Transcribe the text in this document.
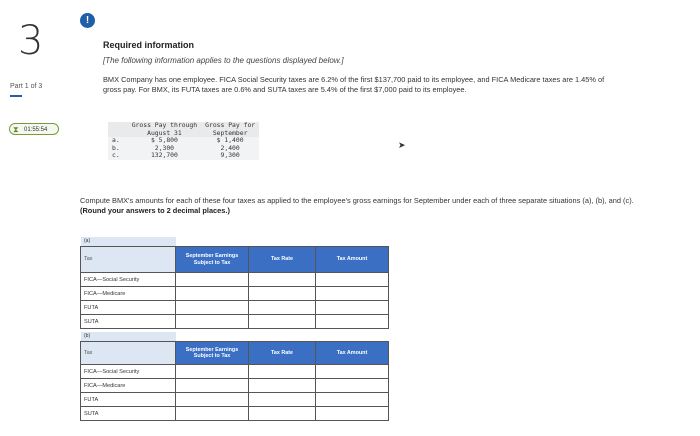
3
Part 1 of 3
⧗ 01:55:54
!
Required information
[The following information applies to the questions displayed below.]
BMX Company has one employee. FICA Social Security taxes are 6.2% of the first $137,700 paid to its employee, and FICA Medicare taxes are 1.45% of gross pay. For BMX, its FUTA taxes are 0.6% and SUTA taxes are 5.4% of the first $7,000 paid to its employee.
	Gross Pay through	Gross Pay for
	August 31	September
a.	$ 5,800	$ 1,400
b.	2,300	2,400
c.	132,700	9,300
➤
Compute BMX's amounts for each of these four taxes as applied to the employee's gross earnings for September under each of three separate situations (a), (b), and (c). (Round your answers to 2 decimal places.)
(a)
Tax	September Earnings Subject to Tax	Tax Rate	Tax Amount
FICA—Social Security			
FICA—Medicare			
FUTA			
SUTA			
(b)
Tax	September Earnings Subject to Tax	Tax Rate	Tax Amount
FICA—Social Security			
FICA—Medicare			
FUTA			
SUTA			
